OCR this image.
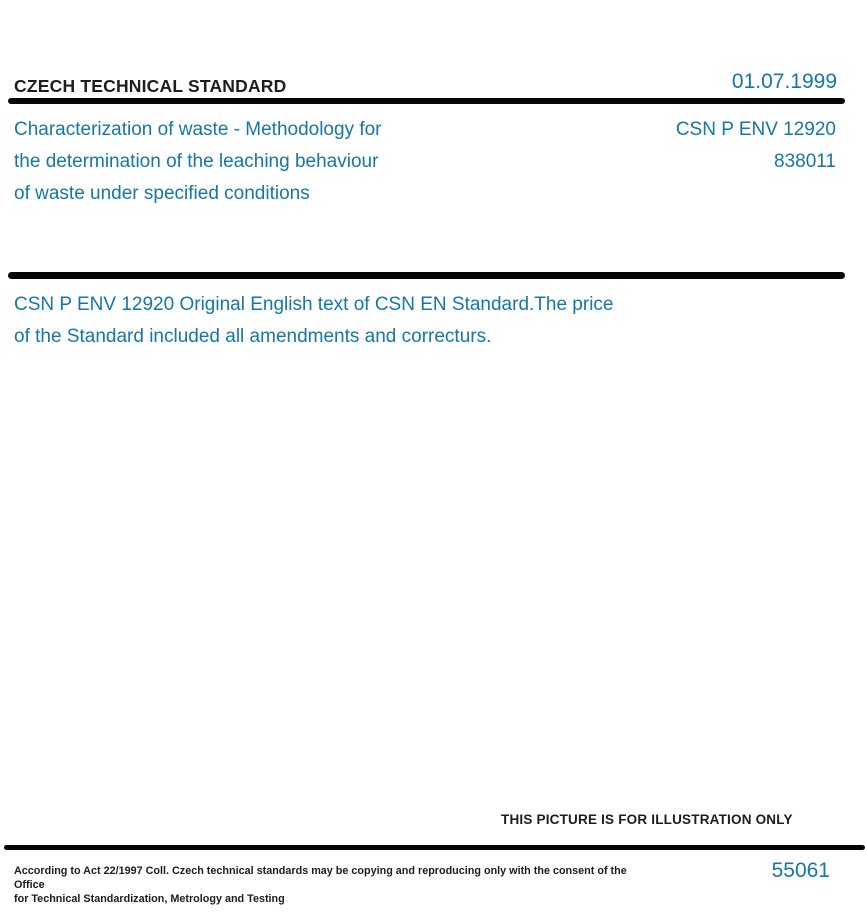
CZECH TECHNICAL STANDARD	01.07.1999
Characterization of waste - Methodology for
the determination of the leaching behaviour
of waste under specified conditions
CSN P ENV 12920
838011
CSN P ENV 12920 Original English text of CSN EN Standard.The price
of the Standard included all amendments and correcturs.
THIS PICTURE IS FOR ILLUSTRATION ONLY
According to Act 22/1997 Coll. Czech technical standards may be copying and reproducing only with the consent of the Office
for Technical Standardization, Metrology and Testing
55061
